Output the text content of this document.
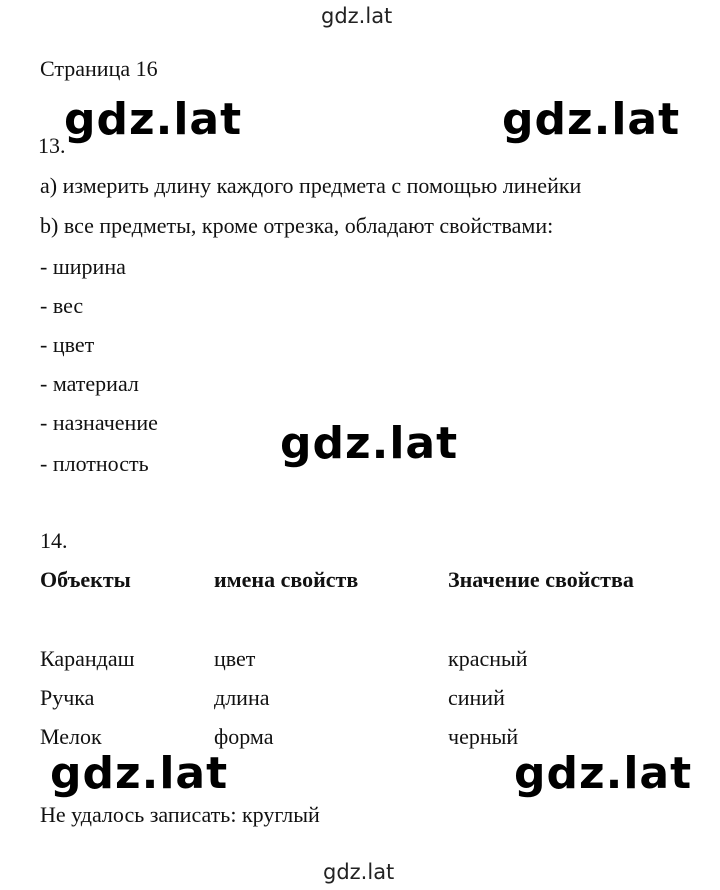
gdz.lat
Страница 16
gdz.lat	gdz.lat
13.
a) измерить длину каждого предмета с помощью линейки
b) все предметы, кроме отрезка, обладают свойствами:
- ширина
- вес
- цвет
- материал
- назначение
- плотность	gdz.lat
14.
Объекты	имена свойств	Значение свойства
Карандаш	цвет	красный
Ручка	длина	синий
Мелок	форма	черный
gdz.lat	gdz.lat
Не удалось записать: круглый
gdz.lat
